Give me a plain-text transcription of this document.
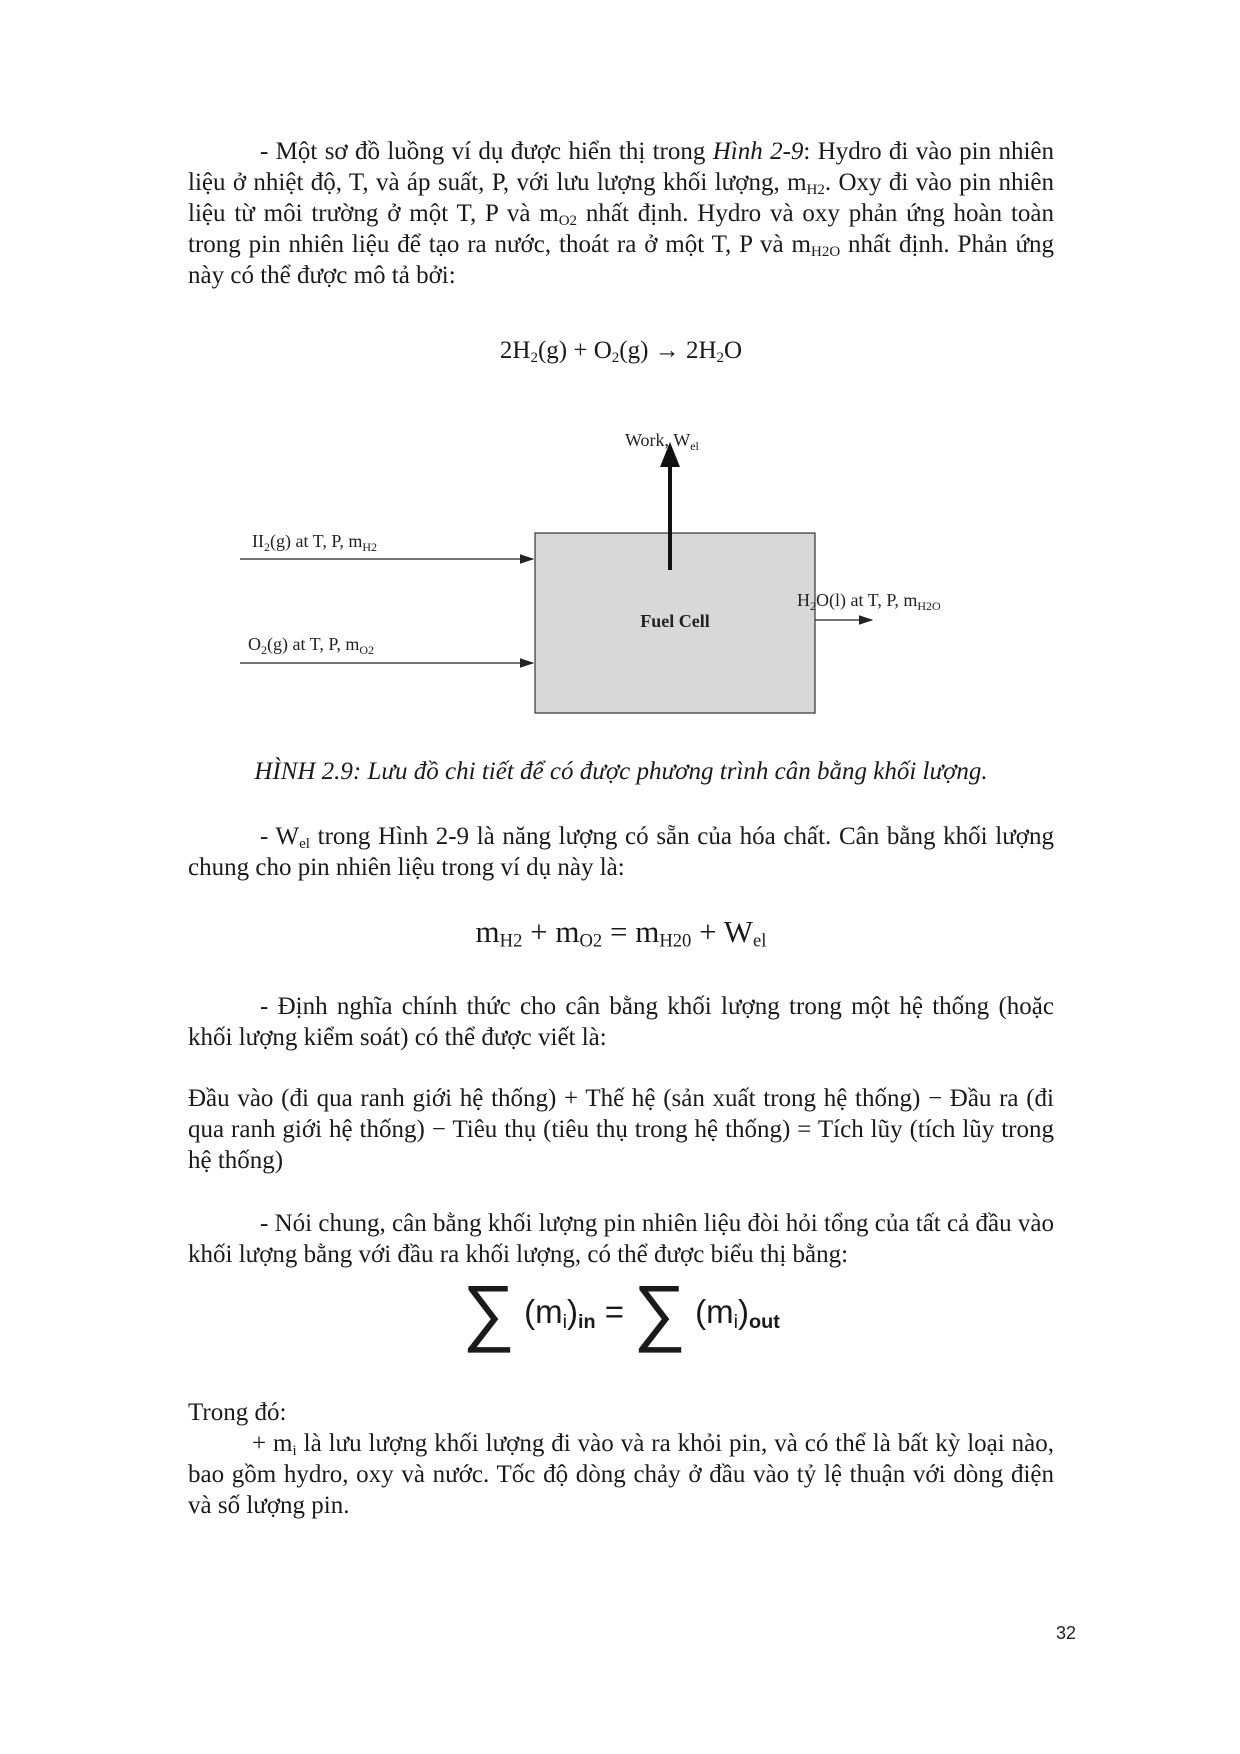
- Một sơ đồ luồng ví dụ được hiển thị trong Hình 2-9: Hydro đi vào pin nhiên liệu ở nhiệt độ, T, và áp suất, P, với lưu lượng khối lượng, $m_{H2}$. Oxy đi vào pin nhiên liệu từ môi trường ở một T, P và $m_{O2}$ nhất định. Hydro và oxy phản ứng hoàn toàn trong pin nhiên liệu để tạo ra nước, thoát ra ở một T, P và $m_{H2O}$ nhất định. Phản ứng này có thể được mô tả bởi:

$2H_2(g) + O_2(g) \to 2H_2O$

Work, $W_{el}$
$II_2(g)$ at T, P, $m_{H2}$
$O_2(g)$ at T, P, $m_{O2}$
$H_2O(l)$ at T, P, $m_{H2O}$
Fuel Cell

HÌNH 2.9: Lưu đồ chi tiết để có được phương trình cân bằng khối lượng.

- $W_{el}$ trong Hình 2-9 là năng lượng có sẵn của hóa chất. Cân bằng khối lượng chung cho pin nhiên liệu trong ví dụ này là:

$m_{H2} + m_{O2} = m_{H20} + W_{el}$

- Định nghĩa chính thức cho cân bằng khối lượng trong một hệ thống (hoặc khối lượng kiểm soát) có thể được viết là:

Đầu vào (đi qua ranh giới hệ thống) + Thế hệ (sản xuất trong hệ thống) − Đầu ra (đi qua ranh giới hệ thống) − Tiêu thụ (tiêu thụ trong hệ thống) = Tích lũy (tích lũy trong hệ thống)

- Nói chung, cân bằng khối lượng pin nhiên liệu đòi hỏi tổng của tất cả đầu vào khối lượng bằng với đầu ra khối lượng, có thể được biểu thị bằng:

∑ $(m_i)_{in}$ = ∑ $(m_i)_{out}$

Trong đó:

+ $m_i$ là lưu lượng khối lượng đi vào và ra khỏi pin, và có thể là bất kỳ loại nào, bao gồm hydro, oxy và nước. Tốc độ dòng chảy ở đầu vào tỷ lệ thuận với dòng điện và số lượng pin.

32
